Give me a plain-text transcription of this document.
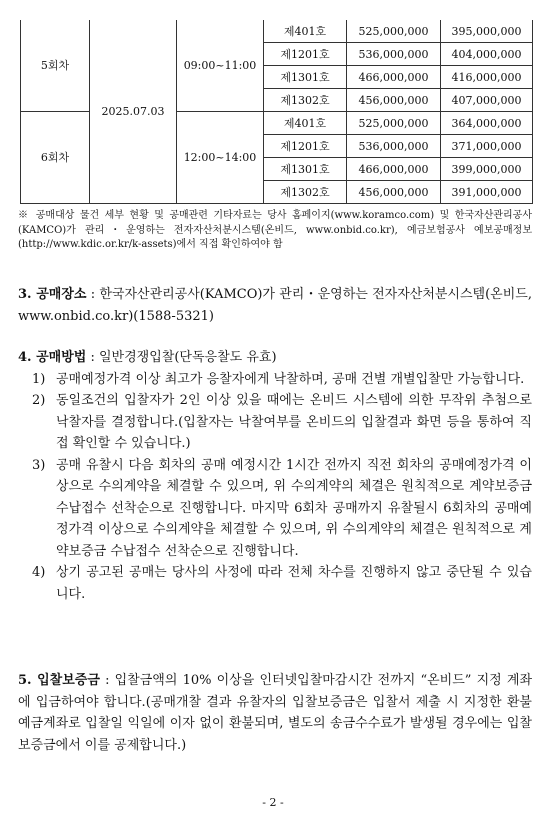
5회차	2025.07.03	09:00~11:00	제401호	525,000,000	395,000,000
			제1201호	536,000,000	404,000,000
			제1301호	466,000,000	416,000,000
			제1302호	456,000,000	407,000,000
6회차		12:00~14:00	제401호	525,000,000	364,000,000
			제1201호	536,000,000	371,000,000
			제1301호	466,000,000	399,000,000
			제1302호	456,000,000	391,000,000
※ 공매대상 물건 세부 현황 및 공매관련 기타자료는 당사 홈페이지(www.koramco.com) 및 한국자산관리공사(KAMCO)가 관리・운영하는 전자자산처분시스템(온비드, www.onbid.co.kr), 예금보험공사 예보공매정보(http://www.kdic.or.kr/k-assets)에서 직접 확인하여야 함
3. 공매장소 : 한국자산관리공사(KAMCO)가 관리・운영하는 전자자산처분시스템(온비드, www.onbid.co.kr)(1588-5321)
4. 공매방법 : 일반경쟁입찰(단독응찰도 유효)
1) 공매예정가격 이상 최고가 응찰자에게 낙찰하며, 공매 건별 개별입찰만 가능합니다.
2) 동일조건의 입찰자가 2인 이상 있을 때에는 온비드 시스템에 의한 무작위 추첨으로 낙찰자를 결정합니다.(입찰자는 낙찰여부를 온비드의 입찰결과 화면 등을 통하여 직접 확인할 수 있습니다.)
3) 공매 유찰시 다음 회차의 공매 예정시간 1시간 전까지 직전 회차의 공매예정가격 이상으로 수의계약을 체결할 수 있으며, 위 수의계약의 체결은 원칙적으로 계약보증금 수납접수 선착순으로 진행합니다. 마지막 6회차 공매까지 유찰될시 6회차의 공매예정가격 이상으로 수의계약을 체결할 수 있으며, 위 수의계약의 체결은 원칙적으로 계약보증금 수납접수 선착순으로 진행합니다.
4) 상기 공고된 공매는 당사의 사정에 따라 전체 차수를 진행하지 않고 중단될 수 있습니다.
5. 입찰보증금 : 입찰금액의 10% 이상을 인터넷입찰마감시간 전까지 “온비드” 지정 계좌에 입금하여야 합니다.(공매개찰 결과 유찰자의 입찰보증금은 입찰서 제출 시 지정한 환불예금계좌로 입찰일 익일에 이자 없이 환불되며, 별도의 송금수수료가 발생될 경우에는 입찰보증금에서 이를 공제합니다.)
- 2 -
